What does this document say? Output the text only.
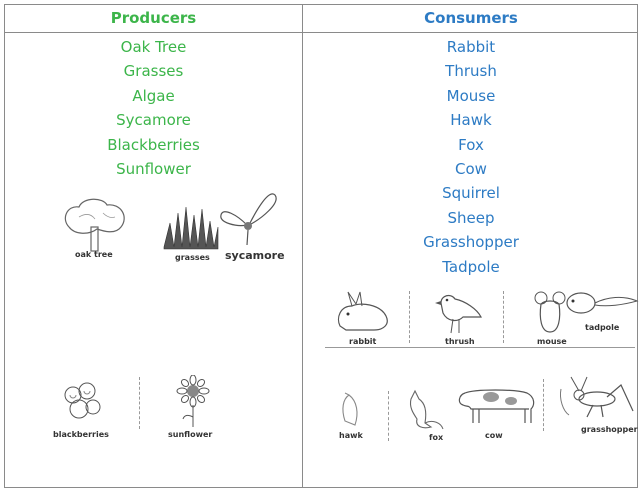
Producers	Consumers
Oak Tree
Grasses
Algae
Sycamore
Blackberries
Sunflower
Rabbit
Thrush
Mouse
Hawk
Fox
Cow
Squirrel
Sheep
Grasshopper
Tadpole
oak tree	grasses sycamore
blackberries	sunflower
rabbit	thrush	mouse
tadpole
hawk	fox	cow
grasshopper
